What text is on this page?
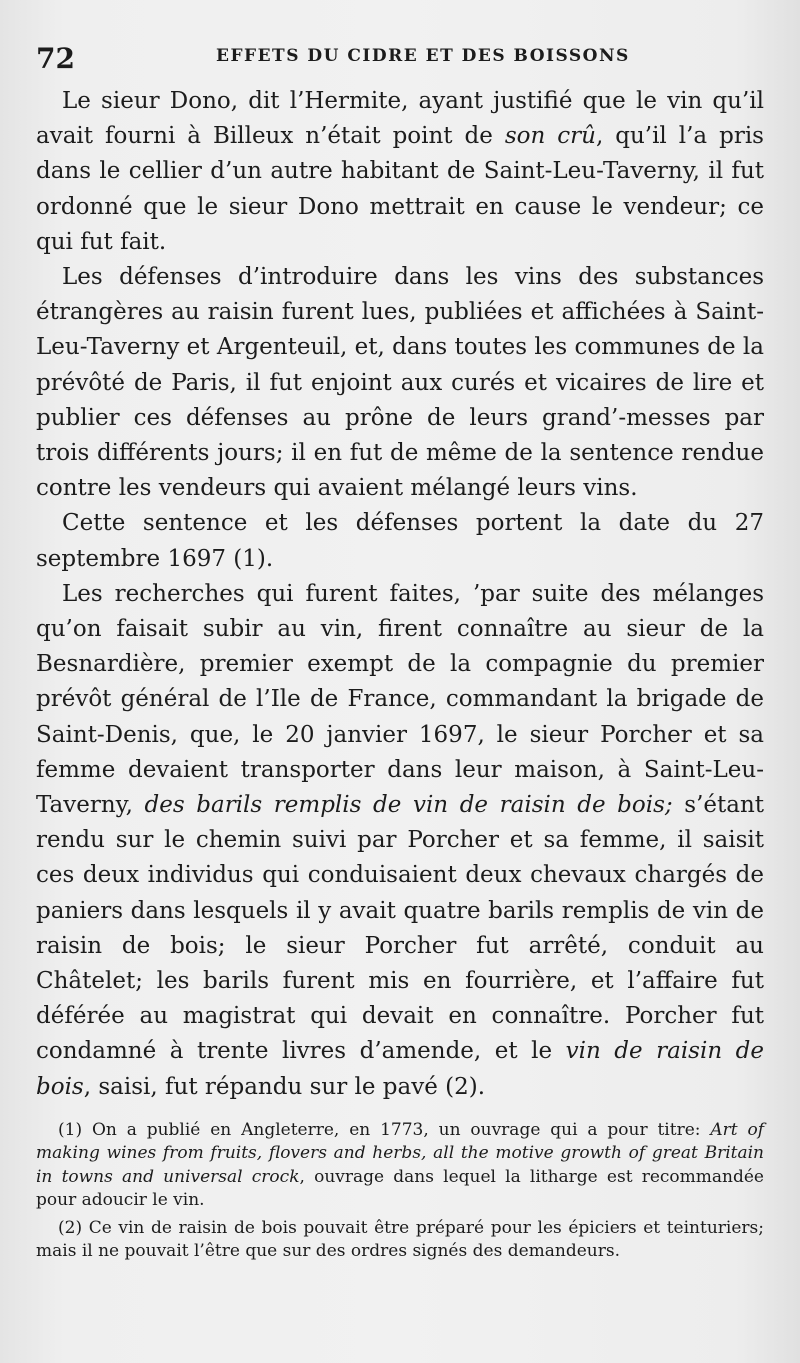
72	EFFETS DU CIDRE ET DES BOISSONS

Le sieur Dono, dit l’Hermite, ayant justifié que le vin qu’il avait fourni à Billeux n’était point de son crû, qu’il l’a pris dans le cellier d’un autre habitant de Saint-Leu-Taverny, il fut ordonné que le sieur Dono mettrait en cause le vendeur; ce qui fut fait.

Les défenses d’introduire dans les vins des substances étrangères au raisin furent lues, publiées et affichées à Saint-Leu-Taverny et Argenteuil, et, dans toutes les communes de la prévôté de Paris, il fut enjoint aux curés et vicaires de lire et publier ces défenses au prône de leurs grand’-messes par trois différents jours; il en fut de même de la sentence rendue contre les vendeurs qui avaient mélangé leurs vins.

Cette sentence et les défenses portent la date du 27 septembre 1697 (1).

Les recherches qui furent faites, ’par suite des mélanges qu’on faisait subir au vin, firent connaître au sieur de la Besnardière, premier exempt de la compagnie du premier prévôt général de l’Ile de France, commandant la brigade de Saint-Denis, que, le 20 janvier 1697, le sieur Porcher et sa femme devaient transporter dans leur maison, à Saint-Leu-Taverny, des barils remplis de vin de raisin de bois; s’étant rendu sur le chemin suivi par Porcher et sa femme, il saisit ces deux individus qui conduisaient deux chevaux chargés de paniers dans lesquels il y avait quatre barils remplis de vin de raisin de bois; le sieur Porcher fut arrêté, conduit au Châtelet; les barils furent mis en fourrière, et l’affaire fut déférée au magistrat qui devait en connaître. Porcher fut condamné à trente livres d’amende, et le vin de raisin de bois, saisi, fut répandu sur le pavé (2).

(1) On a publié en Angleterre, en 1773, un ouvrage qui a pour titre: Art of making wines from fruits, flovers and herbs, all the motive growth of great Britain in towns and universal crock, ouvrage dans lequel la litharge est recommandée pour adoucir le vin.

(2) Ce vin de raisin de bois pouvait être préparé pour les épiciers et teinturiers; mais il ne pouvait l’être que sur des ordres signés des demandeurs.
